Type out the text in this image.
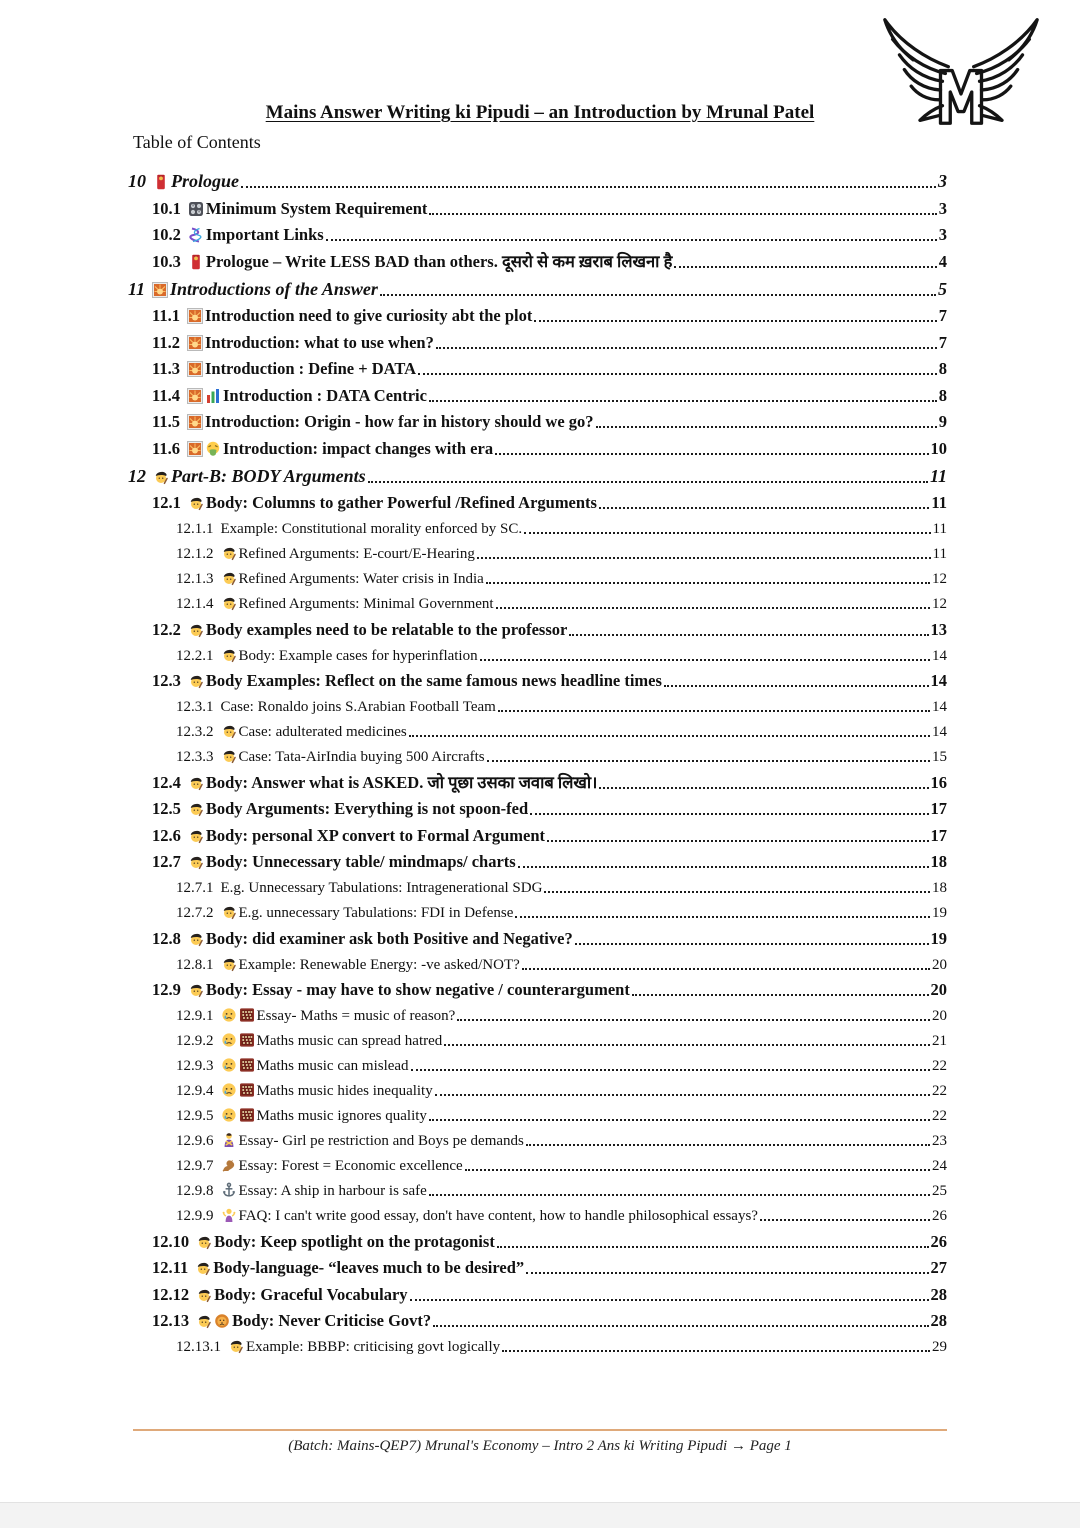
Mains Answer Writing ki Pipudi – an Introduction by Mrunal Patel
Table of Contents
10 Prologue	3
10.1 Minimum System Requirement	3
10.2 Important Links	3
10.3 Prologue – Write LESS BAD than others. दूसरो से कम ख़राब लिखना है	4
11 Introductions of the Answer	5
11.1 Introduction need to give curiosity abt the plot	7
11.2 Introduction: what to use when?	7
11.3 Introduction : Define + DATA	8
11.4	Introduction : DATA Centric	8
11.5 Introduction: Origin - how far in history should we go?	9
11.6	Introduction: impact changes with era	10
12 Part-B: BODY Arguments	11
12.1 Body: Columns to gather Powerful /Refined Arguments	11
12.1.1 Example: Constitutional morality enforced by SC.	11
12.1.2 Refined Arguments: E-court/E-Hearing	11
12.1.3 Refined Arguments: Water crisis in India	12
12.1.4 Refined Arguments: Minimal Government	12
12.2 Body examples need to be relatable to the professor	13
12.2.1 Body: Example cases for hyperinflation	14
12.3 Body Examples: Reflect on the same famous news headline times	14
12.3.1 Case: Ronaldo joins S.Arabian Football Team	14
12.3.2 Case: adulterated medicines	14
12.3.3 Case: Tata-AirIndia buying 500 Aircrafts	15
12.4 Body: Answer what is ASKED. जो पूछा उसका जवाब लिखो।	16
12.5 Body Arguments: Everything is not spoon-fed	17
12.6 Body: personal XP convert to Formal Argument	17
12.7 Body: Unnecessary table/ mindmaps/ charts	18
12.7.1 E.g. Unnecessary Tabulations: Intragenerational SDG	18
12.7.2 E.g. unnecessary Tabulations: FDI in Defense	19
12.8 Body: did examiner ask both Positive and Negative?	19
12.8.1 Example: Renewable Energy: -ve asked/NOT?	20
12.9 Body: Essay - may have to show negative / counterargument	20
12.9.1	Essay- Maths = music of reason?	20
12.9.2	Maths music can spread hatred	21
12.9.3	Maths music can mislead	22
12.9.4	Maths music hides inequality	22
12.9.5	Maths music ignores quality	22
12.9.6 Essay- Girl pe restriction and Boys pe demands	23
12.9.7 Essay: Forest = Economic excellence	24
12.9.8 Essay: A ship in harbour is safe	25
12.9.9 FAQ: I can't write good essay, don't have content, how to handle philosophical essays?	26
12.10 Body: Keep spotlight on the protagonist	26
12.11 Body-language- “leaves much to be desired”	27
12.12 Body: Graceful Vocabulary	28
12.13	Body: Never Criticise Govt?	28
12.13.1 Example: BBBP: criticising govt logically	29
(Batch: Mains-QEP7) Mrunal's Economy – Intro 2 Ans ki Writing Pipudi → Page 1
